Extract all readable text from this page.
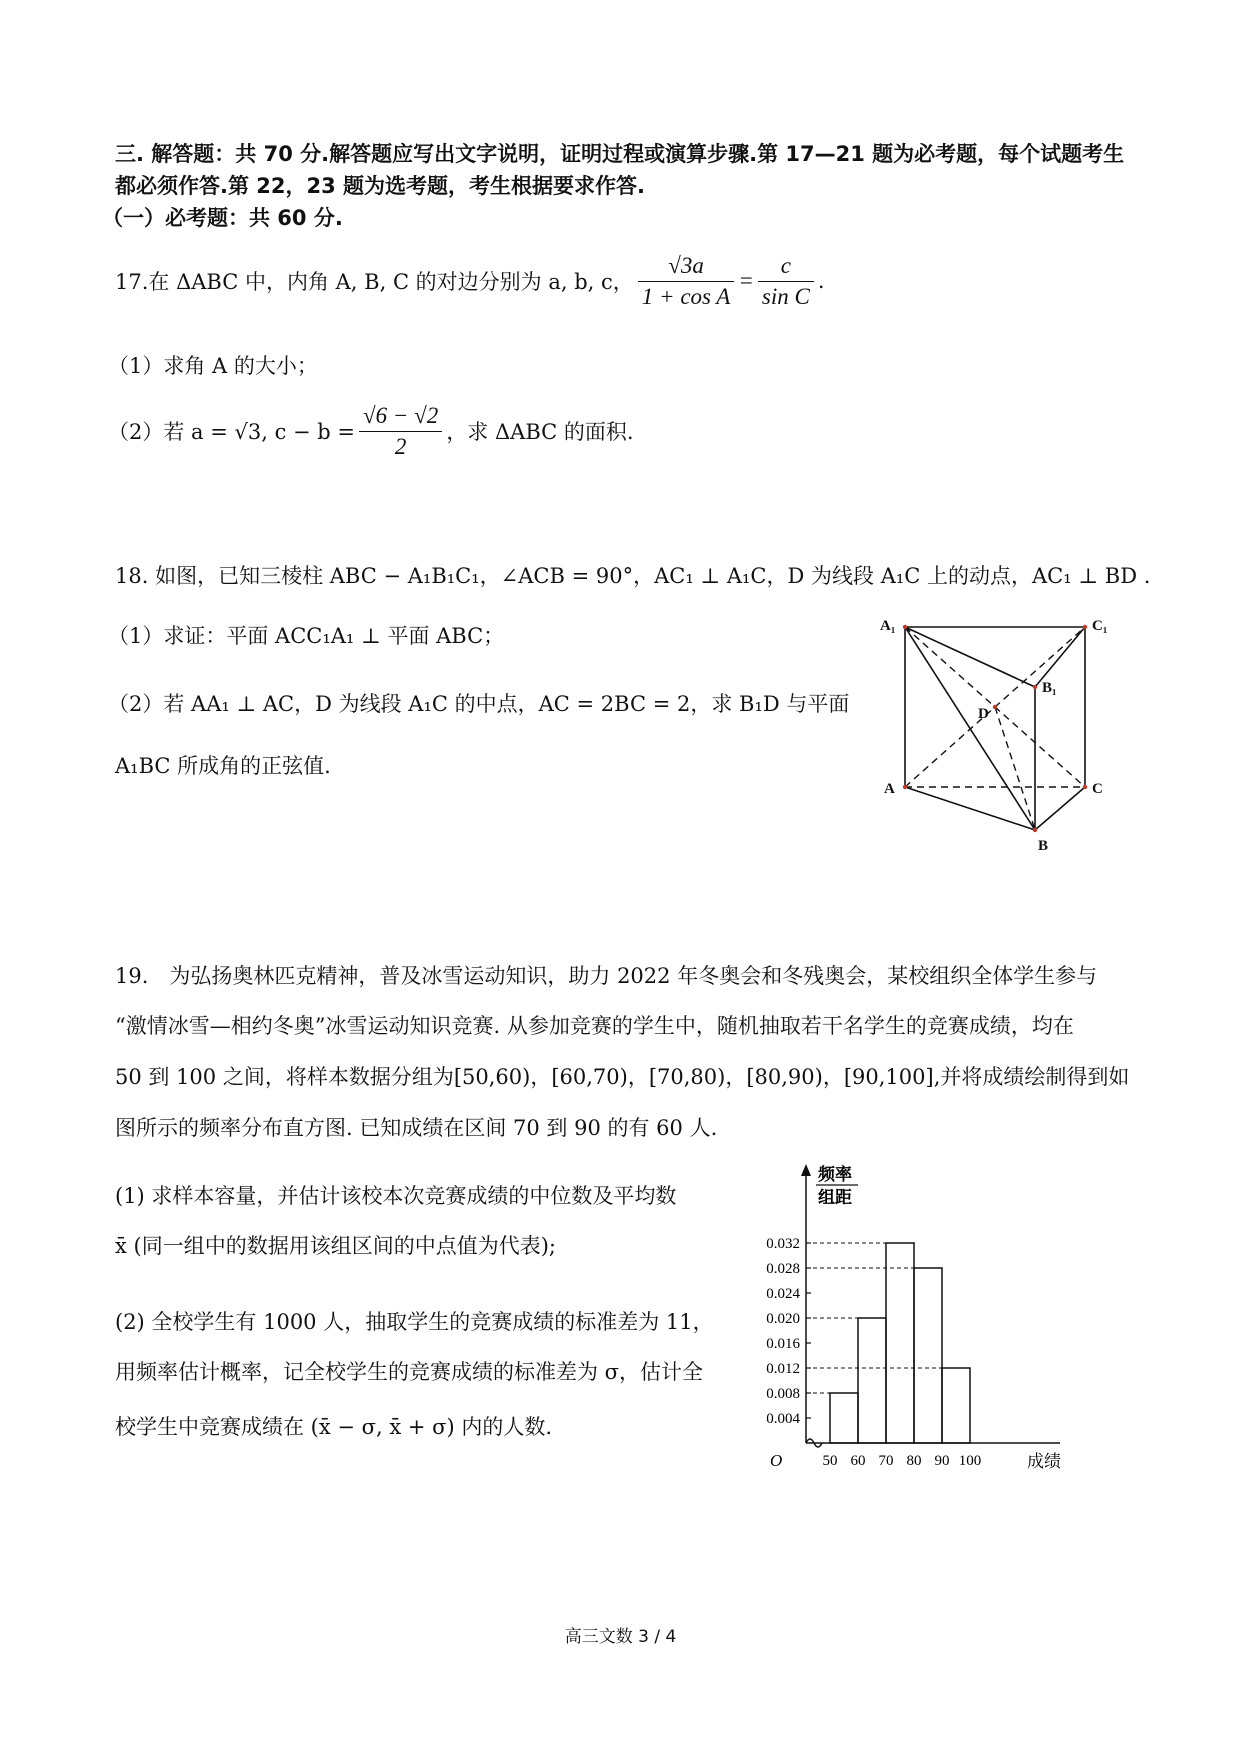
三. 解答题：共 70 分.解答题应写出文字说明，证明过程或演算步骤.第 17—21 题为必考题，每个试题考生
都必须作答.第 22，23 题为选考题，考生根据要求作答.
（一）必考题：共 60 分.
17.在 ΔABC 中，内角 A, B, C 的对边分别为 a, b, c， $\frac{√3a}{\text{1 + cos A}} = \frac{c}{\text{sin C}}$ .
（1）求角 A 的大小；
（2）若 a = √3, $c - b = \frac{√6 - √2}{2}$ ，求 ΔABC 的面积.
18. 如图，已知三棱柱 ABC − A₁B₁C₁，∠ACB = 90°，AC₁ ⊥ A₁C，D 为线段 A₁C 上的动点，AC₁ ⊥ BD .
（1）求证：平面 ACC₁A₁ ⊥ 平面 ABC；
（2）若 AA₁ ⊥ AC，D 为线段 A₁C 的中点，AC = 2BC = 2，求 B₁D 与平面
A₁BC 所成角的正弦值.
A₁	C₁
B₁
D
A	C
B
19.　为弘扬奥林匹克精神，普及冰雪运动知识，助力 2022 年冬奥会和冬残奥会，某校组织全体学生参与
“激情冰雪—相约冬奥”冰雪运动知识竞赛. 从参加竞赛的学生中，随机抽取若干名学生的竞赛成绩，均在
50 到 100 之间，将样本数据分组为[50,60)，[60,70)，[70,80)，[80,90)，[90,100],并将成绩绘制得到如
图所示的频率分布直方图. 已知成绩在区间 70 到 90 的有 60 人.
(1) 求样本容量，并估计该校本次竞赛成绩的中位数及平均数
x̄ (同一组中的数据用该组区间的中点值为代表);
(2) 全校学生有 1000 人，抽取学生的竞赛成绩的标准差为 11，
用频率估计概率，记全校学生的竞赛成绩的标准差为 σ，估计全
校学生中竞赛成绩在 (x̄ − σ, x̄ + σ) 内的人数.
0.032
0.028
0.024
0.020
0.016
0.012
0.008
0.004
50 60 70 80 90 100
频率
组距
O	成绩
高三文数 3 / 4
